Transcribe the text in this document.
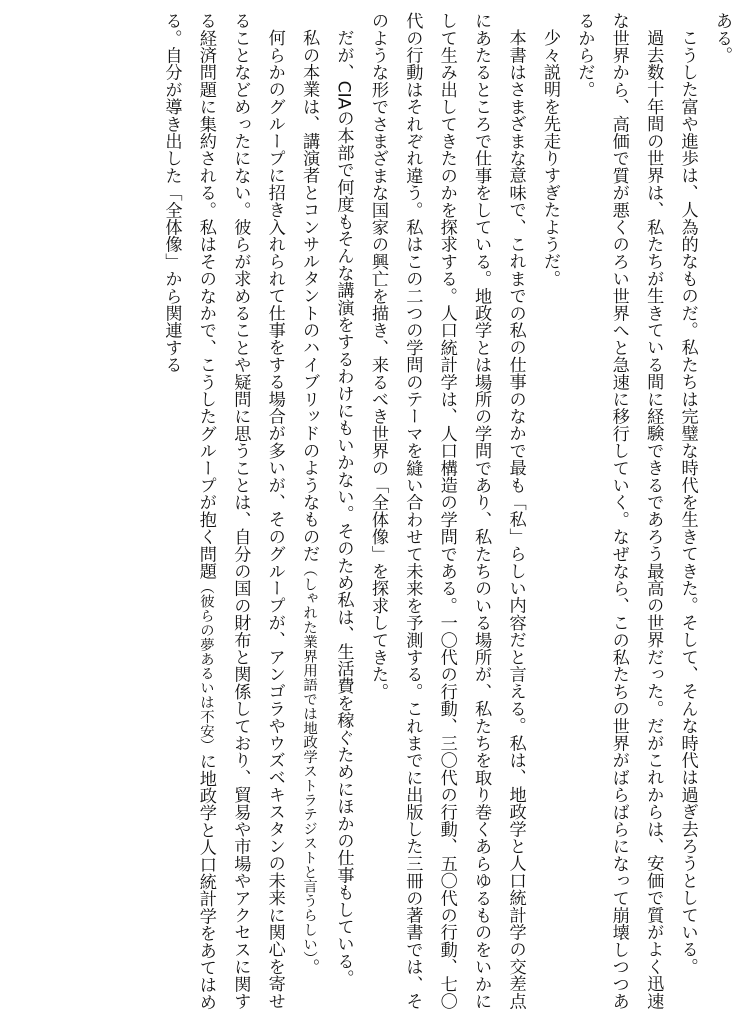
ある。

こうした富や進歩は、人為的なものだ。私たちは完璧な時代を生きてきた。そして、そんな時代は過ぎ去ろうとしている。

過去数十年間の世界は、私たちが生きている間に経験できるであろう最高の世界だった。だがこれからは、安価で質がよく迅速な世界から、高価で質が悪くのろい世界へと急速に移行していく。なぜなら、この私たちの世界がばらばらになって崩壊しつつあるからだ。

少々説明を先走りすぎたようだ。

本書はさまざまな意味で、これまでの私の仕事のなかで最も「私」らしい内容だと言える。私は、地政学と人口統計学の交差点にあたるところで仕事をしている。地政学とは場所の学問であり、私たちのいる場所が、私たちを取り巻くあらゆるものをいかにして生み出してきたのかを探求する。人口統計学は、人口構造の学問である。一〇代の行動、三〇代の行動、五〇代の行動、七〇代の行動はそれぞれ違う。私はこの二つの学問のテーマを縫い合わせて未来を予測する。これまでに出版した三冊の著書では、そのような形でさまざまな国家の興亡を描き、来るべき世界の「全体像」を探求してきた。

だが、CIAの本部で何度もそんな講演をするわけにもいかない。そのため私は、生活費を稼ぐためにほかの仕事もしている。

私の本業は、講演者とコンサルタントのハイブリッドのようなものだ（しゃれた業界用語では地政学ストラテジストと言うらしい）。

何らかのグループに招き入れられて仕事をする場合が多いが、そのグループが、アンゴラやウズベキスタンの未来に関心を寄せることなどめったにない。彼らが求めることや疑問に思うことは、自分の国の財布と関係しており、貿易や市場やアクセスに関する経済問題に集約される。私はそのなかで、こうしたグループが抱く問題（彼らの夢あるいは不安）に地政学と人口統計学をあてはめる。自分が導き出した「全体像」から関連する
